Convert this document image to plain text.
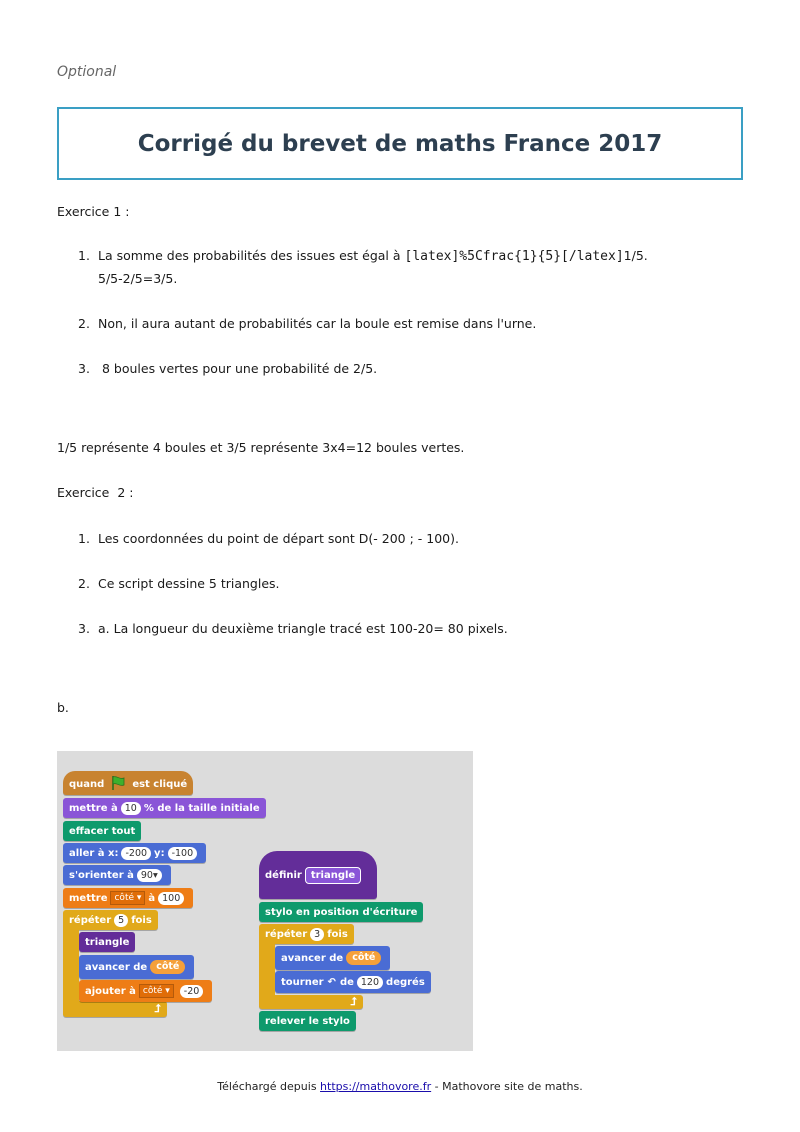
Optional
Corrigé du brevet de maths France 2017
Exercice 1 :
1. La somme des probabilités des issues est égal à [latex]%5Cfrac{1}{5}[/latex]1/5.
5/5-2/5=3/5.
2. Non, il aura autant de probabilités car la boule est remise dans l'urne.
3. 8 boules vertes pour une probabilité de 2/5.
1/5 représente 4 boules et 3/5 représente 3x4=12 boules vertes.
Exercice  2 :
1. Les coordonnées du point de départ sont D(- 200 ; - 100).
2. Ce script dessine 5 triangles.
3. a. La longueur du deuxième triangle tracé est 100-20= 80 pixels.
b.
quand	est cliqué
mettre à 10 % de la taille initiale
effacer tout
aller à x: -200 y: -100
s'orienter à 90▾
mettre côté ▾ à 100
répéter 5 fois
⮥
triangle
avancer de côté
ajouter à côté ▾	-20
définir triangle
stylo en position d'écriture
répéter 3 fois
⮥
avancer de côté
tourner ↶ de 120 degrés
relever le stylo
Téléchargé depuis https://mathovore.fr - Mathovore site de maths.
